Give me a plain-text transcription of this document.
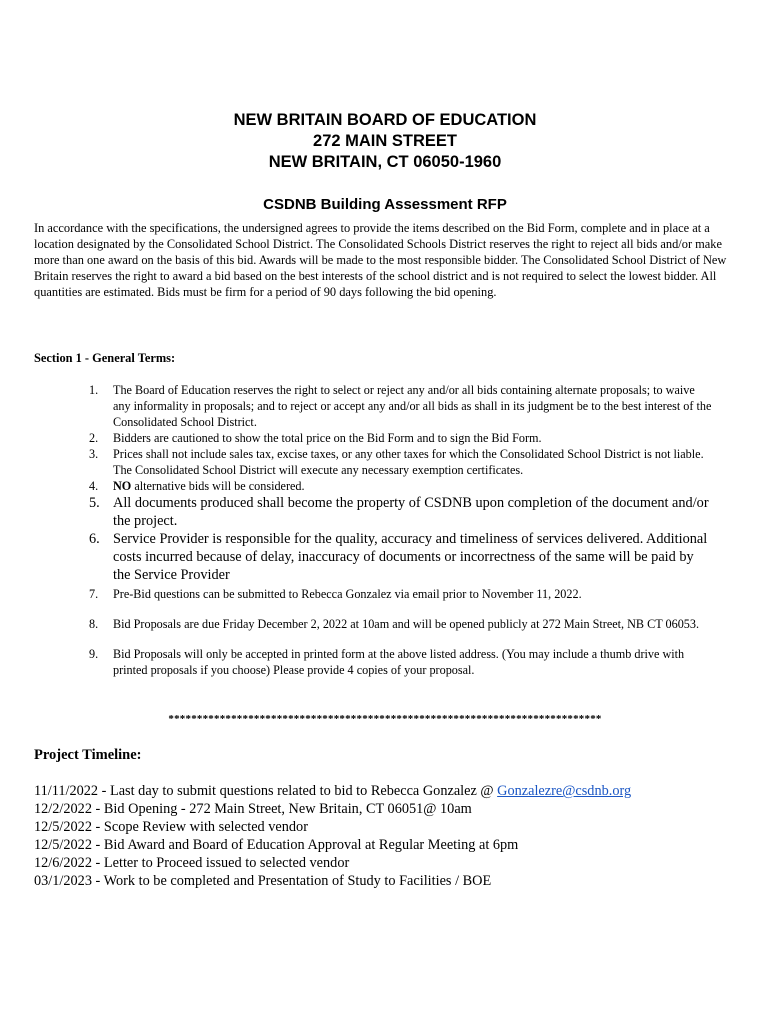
NEW BRITAIN BOARD OF EDUCATION
272 MAIN STREET
NEW BRITAIN, CT 06050-1960
CSDNB Building Assessment RFP
In accordance with the specifications, the undersigned agrees to provide the items described on the Bid Form, complete and in place at a location designated by the Consolidated School District. The Consolidated Schools District reserves the right to reject all bids and/or make more than one award on the basis of this bid. Awards will be made to the most responsible bidder. The Consolidated School District of New Britain reserves the right to award a bid based on the best interests of the school district and is not required to select the lowest bidder. All quantities are estimated. Bids must be firm for a period of 90 days following the bid opening.
Section 1 - General Terms:
1. The Board of Education reserves the right to select or reject any and/or all bids containing alternate proposals; to waive any informality in proposals; and to reject or accept any and/or all bids as shall in its judgment be to the best interest of the Consolidated School District.
2. Bidders are cautioned to show the total price on the Bid Form and to sign the Bid Form.
3. Prices shall not include sales tax, excise taxes, or any other taxes for which the Consolidated School District is not liable. The Consolidated School District will execute any necessary exemption certificates.
4. NO alternative bids will be considered.
5. All documents produced shall become the property of CSDNB upon completion of the document and/or the project.
6. Service Provider is responsible for the quality, accuracy and timeliness of services delivered. Additional costs incurred because of delay, inaccuracy of documents or incorrectness of the same will be paid by the Service Provider
7. Pre-Bid questions can be submitted to Rebecca Gonzalez via email prior to November 11, 2022.
8. Bid Proposals are due Friday December 2, 2022 at 10am and will be opened publicly at 272 Main Street, NB CT 06053.
9. Bid Proposals will only be accepted in printed form at the above listed address. (You may include a thumb drive with printed proposals if you choose) Please provide 4 copies of your proposal.
****************************************************************************
Project Timeline:
11/11/2022 - Last day to submit questions related to bid to Rebecca Gonzalez @ Gonzalezre@csdnb.org
12/2/2022 - Bid Opening - 272 Main Street, New Britain, CT 06051@ 10am
12/5/2022 - Scope Review with selected vendor
12/5/2022 - Bid Award and Board of Education Approval at Regular Meeting at 6pm
12/6/2022 - Letter to Proceed issued to selected vendor
03/1/2023 - Work to be completed and Presentation of Study to Facilities / BOE
